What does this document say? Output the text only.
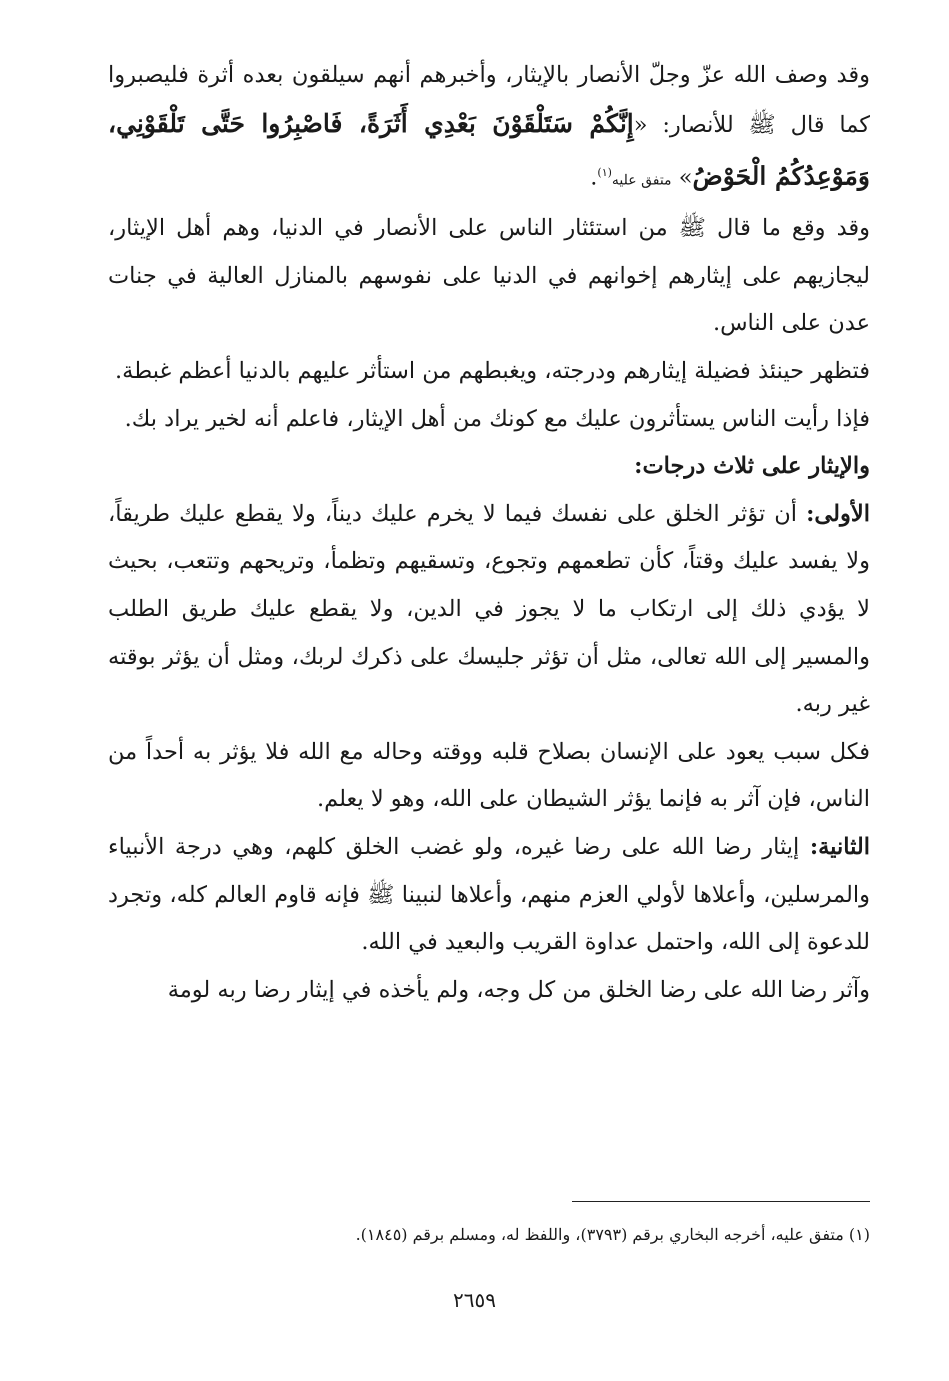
وقد وصف الله عزّ وجلّ الأنصار بالإيثار، وأخبرهم أنهم سيلقون بعده أثرة فليصبروا كما قال ﷺ للأنصار: «إِنَّكُمْ سَتَلْقَوْنَ بَعْدِي أَثَرَةً، فَاصْبِرُوا حَتَّى تَلْقَوْنِي، وَمَوْعِدُكُمُ الْحَوْضُ» متفق عليه$^{(١)}$.

وقد وقع ما قال ﷺ من استئثار الناس على الأنصار في الدنيا، وهم أهل الإيثار، ليجازيهم على إيثارهم إخوانهم في الدنيا على نفوسهم بالمنازل العالية في جنات عدن على الناس.

فتظهر حينئذ فضيلة إيثارهم ودرجته، ويغبطهم من استأثر عليهم بالدنيا أعظم غبطة.

فإذا رأيت الناس يستأثرون عليك مع كونك من أهل الإيثار، فاعلم أنه لخير يراد بك.

والإيثار على ثلاث درجات:

الأولى: أن تؤثر الخلق على نفسك فيما لا يخرم عليك ديناً، ولا يقطع عليك طريقاً، ولا يفسد عليك وقتاً، كأن تطعمهم وتجوع، وتسقيهم وتظمأ، وتريحهم وتتعب، بحيث لا يؤدي ذلك إلى ارتكاب ما لا يجوز في الدين، ولا يقطع عليك طريق الطلب والمسير إلى الله تعالى، مثل أن تؤثر جليسك على ذكرك لربك، ومثل أن يؤثر بوقته غير ربه.

فكل سبب يعود على الإنسان بصلاح قلبه ووقته وحاله مع الله فلا يؤثر به أحداً من الناس، فإن آثر به فإنما يؤثر الشيطان على الله، وهو لا يعلم.

الثانية: إيثار رضا الله على رضا غيره، ولو غضب الخلق كلهم، وهي درجة الأنبياء والمرسلين، وأعلاها لأولي العزم منهم، وأعلاها لنبينا ﷺ فإنه قاوم العالم كله، وتجرد للدعوة إلى الله، واحتمل عداوة القريب والبعيد في الله.

وآثر رضا الله على رضا الخلق من كل وجه، ولم يأخذه في إيثار رضا ربه لومة

(١) متفق عليه، أخرجه البخاري برقم (٣٧٩٣)، واللفظ له، ومسلم برقم (١٨٤٥).
٢٦٥٩
